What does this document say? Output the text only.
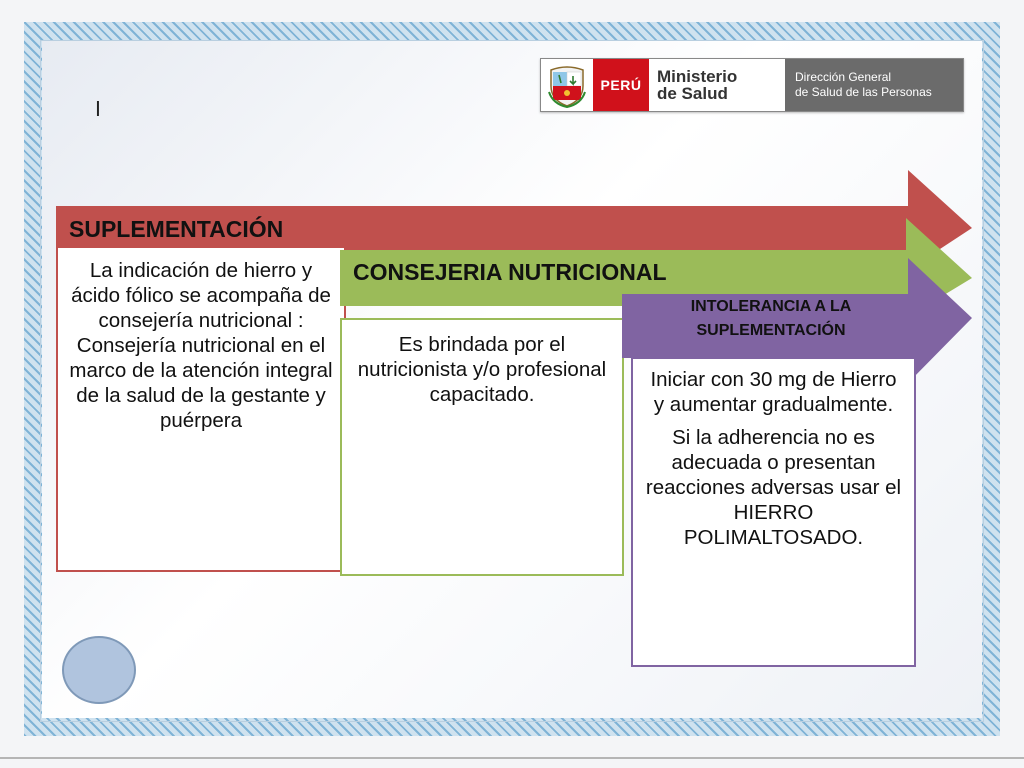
I
PERÚ Ministerio
de Salud
Dirección General
de Salud de las Personas
SUPLEMENTACIÓN

La indicación de hierro y ácido fólico se acompaña de consejería nutricional : Consejería nutricional en el marco de la atención integral de la salud de la gestante y puérpera

CONSEJERIA NUTRICIONAL

Es brindada por el nutricionista y/o profesional capacitado.

INTOLERANCIA A LA
SUPLEMENTACIÓN

Iniciar con 30 mg de Hierro y aumentar gradualmente.

Si la adherencia no es adecuada o presentan reacciones adversas usar el HIERRO POLIMALTOSADO.
